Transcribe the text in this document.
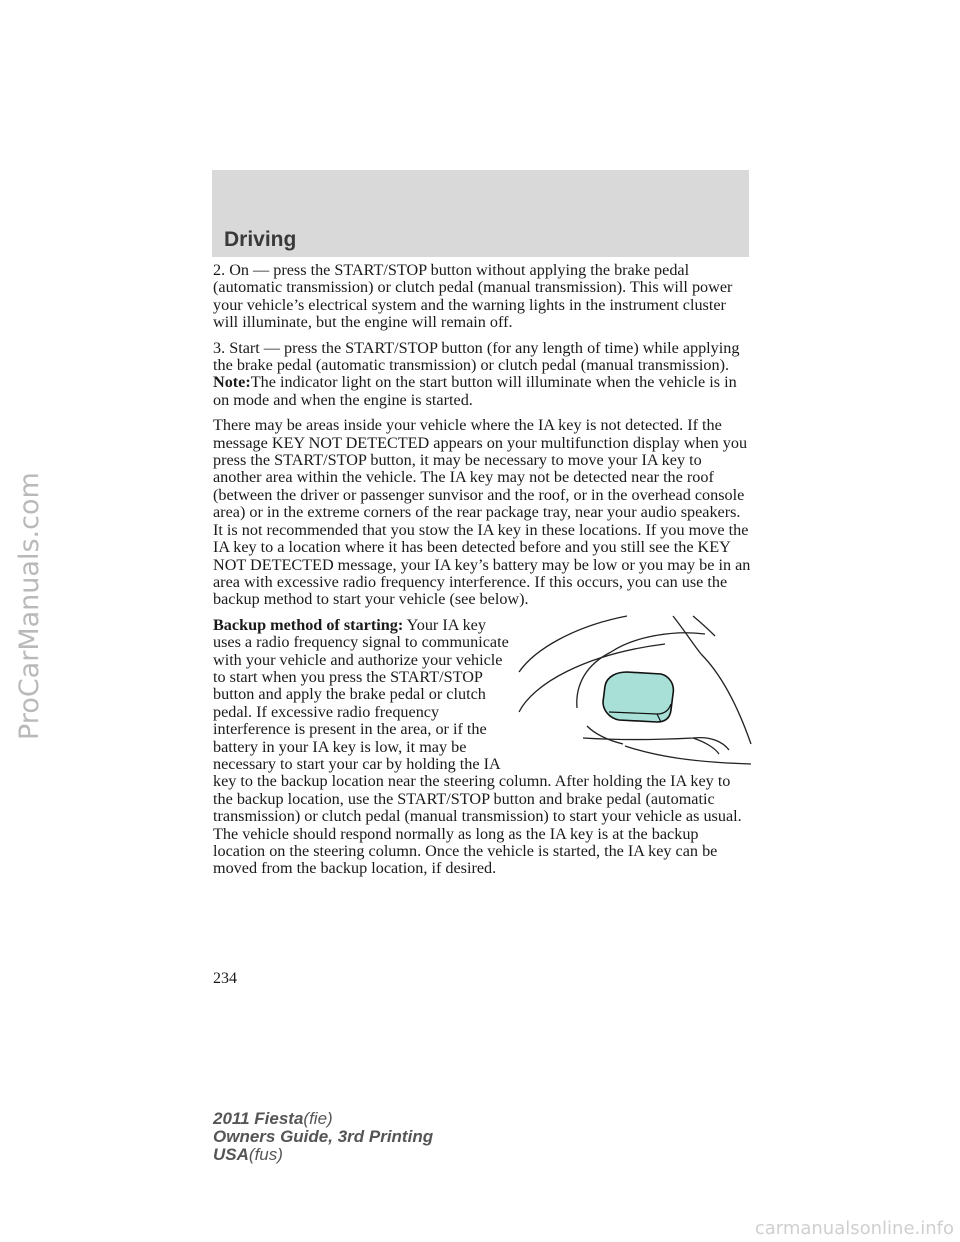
Driving

2. On — press the START/STOP button without applying the brake pedal (automatic transmission) or clutch pedal (manual transmission). This will power your vehicle’s electrical system and the warning lights in the instrument cluster will illuminate, but the engine will remain off.

3. Start — press the START/STOP button (for any length of time) while applying the brake pedal (automatic transmission) or clutch pedal (manual transmission). Note:The indicator light on the start button will illuminate when the vehicle is in on mode and when the engine is started.

There may be areas inside your vehicle where the IA key is not detected. If the message KEY NOT DETECTED appears on your multifunction display when you press the START/STOP button, it may be necessary to move your IA key to another area within the vehicle. The IA key may not be detected near the roof (between the driver or passenger sunvisor and the roof, or in the overhead console area) or in the extreme corners of the rear package tray, near your audio speakers. It is not recommended that you stow the IA key in these locations. If you move the IA key to a location where it has been detected before and you still see the KEY NOT DETECTED message, your IA key’s battery may be low or you may be in an area with excessive radio frequency interference. If this occurs, you can use the backup method to start your vehicle (see below).

Backup method of starting: Your IA key uses a radio frequency signal to communicate with your vehicle and authorize your vehicle to start when you press the START/STOP button and apply the brake pedal or clutch pedal. If excessive radio frequency interference is present in the area, or if the battery in your IA key is low, it may be necessary to start your car by holding the IA key to the backup location near the steering column. After holding the IA key to the backup location, use the START/STOP button and brake pedal (automatic transmission) or clutch pedal (manual transmission) to start your vehicle as usual. The vehicle should respond normally as long as the IA key is at the backup location on the steering column. Once the vehicle is started, the IA key can be moved from the backup location, if desired.

234
2011 Fiesta(fie)
Owners Guide, 3rd Printing
USA(fus)
ProCarManuals.com
carmanualsonline.info
